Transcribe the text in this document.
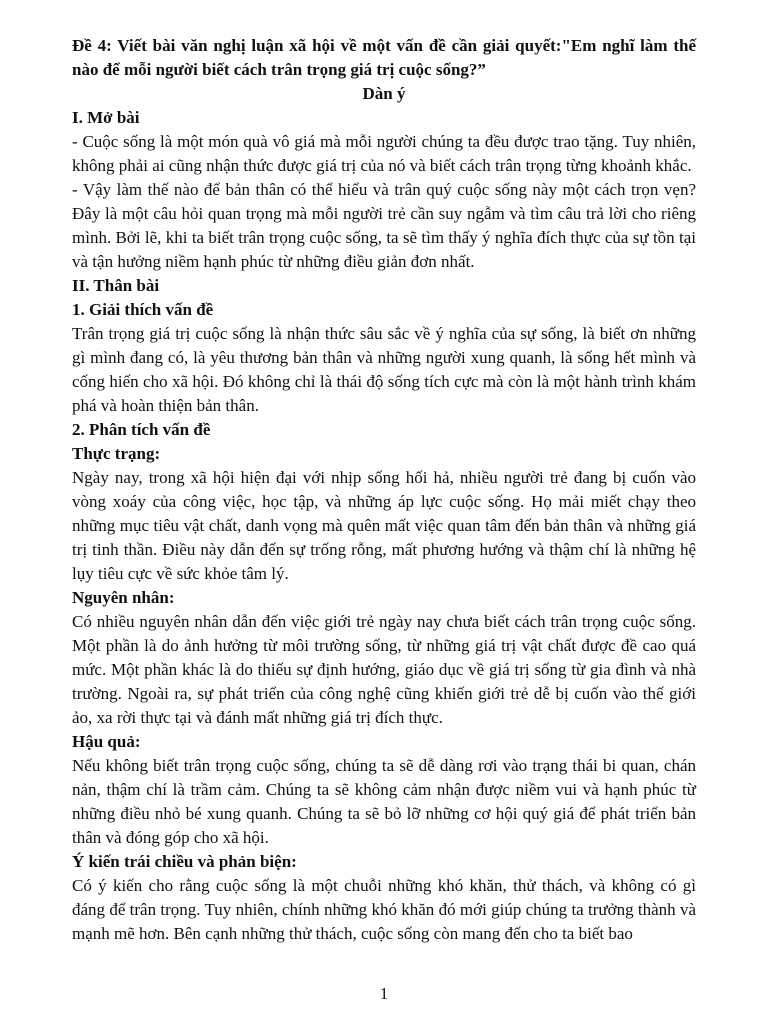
Đề 4: Viết bài văn nghị luận xã hội về một vấn đề cần giải quyết:"Em nghĩ làm thế nào để mỗi người biết cách trân trọng giá trị cuộc sống?”

Dàn ý

I. Mở bài

- Cuộc sống là một món quà vô giá mà mỗi người chúng ta đều được trao tặng. Tuy nhiên, không phải ai cũng nhận thức được giá trị của nó và biết cách trân trọng từng khoảnh khắc.

- Vậy làm thế nào để bản thân có thể hiểu và trân quý cuộc sống này một cách trọn vẹn? Đây là một câu hỏi quan trọng mà mỗi người trẻ cần suy ngẫm và tìm câu trả lời cho riêng mình. Bởi lẽ, khi ta biết trân trọng cuộc sống, ta sẽ tìm thấy ý nghĩa đích thực của sự tồn tại và tận hưởng niềm hạnh phúc từ những điều giản đơn nhất.

II. Thân bài

1. Giải thích vấn đề

Trân trọng giá trị cuộc sống là nhận thức sâu sắc về ý nghĩa của sự sống, là biết ơn những gì mình đang có, là yêu thương bản thân và những người xung quanh, là sống hết mình và cống hiến cho xã hội. Đó không chỉ là thái độ sống tích cực mà còn là một hành trình khám phá và hoàn thiện bản thân.

2. Phân tích vấn đề

Thực trạng:

Ngày nay, trong xã hội hiện đại với nhịp sống hối hả, nhiều người trẻ đang bị cuốn vào vòng xoáy của công việc, học tập, và những áp lực cuộc sống. Họ mải miết chạy theo những mục tiêu vật chất, danh vọng mà quên mất việc quan tâm đến bản thân và những giá trị tinh thần. Điều này dẫn đến sự trống rỗng, mất phương hướng và thậm chí là những hệ lụy tiêu cực về sức khỏe tâm lý.

Nguyên nhân:

Có nhiều nguyên nhân dẫn đến việc giới trẻ ngày nay chưa biết cách trân trọng cuộc sống. Một phần là do ảnh hưởng từ môi trường sống, từ những giá trị vật chất được đề cao quá mức. Một phần khác là do thiếu sự định hướng, giáo dục về giá trị sống từ gia đình và nhà trường. Ngoài ra, sự phát triển của công nghệ cũng khiến giới trẻ dễ bị cuốn vào thế giới ảo, xa rời thực tại và đánh mất những giá trị đích thực.

Hậu quả:

Nếu không biết trân trọng cuộc sống, chúng ta sẽ dễ dàng rơi vào trạng thái bi quan, chán nản, thậm chí là trầm cảm. Chúng ta sẽ không cảm nhận được niềm vui và hạnh phúc từ những điều nhỏ bé xung quanh. Chúng ta sẽ bỏ lỡ những cơ hội quý giá để phát triển bản thân và đóng góp cho xã hội.

Ý kiến trái chiều và phản biện:

Có ý kiến cho rằng cuộc sống là một chuỗi những khó khăn, thử thách, và không có gì đáng để trân trọng. Tuy nhiên, chính những khó khăn đó mới giúp chúng ta trưởng thành và mạnh mẽ hơn. Bên cạnh những thử thách, cuộc sống còn mang đến cho ta biết bao

1
